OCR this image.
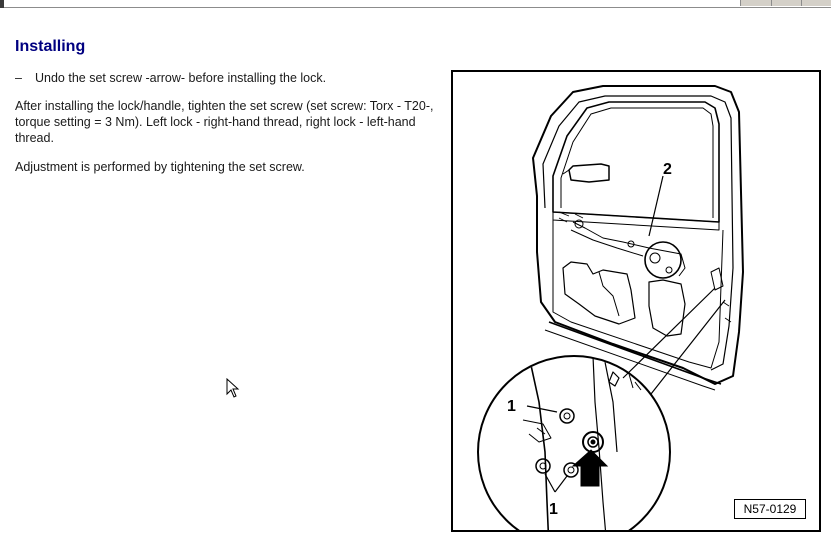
Installing

– Undo the set screw -arrow- before installing the lock.

After installing the lock/handle, tighten the set screw (set screw: Torx - T20-, torque setting = 3 Nm). Left lock - right-hand thread, right lock - left-hand thread.

Adjustment is performed by tightening the set screw.

1
2
1	N57-0129
